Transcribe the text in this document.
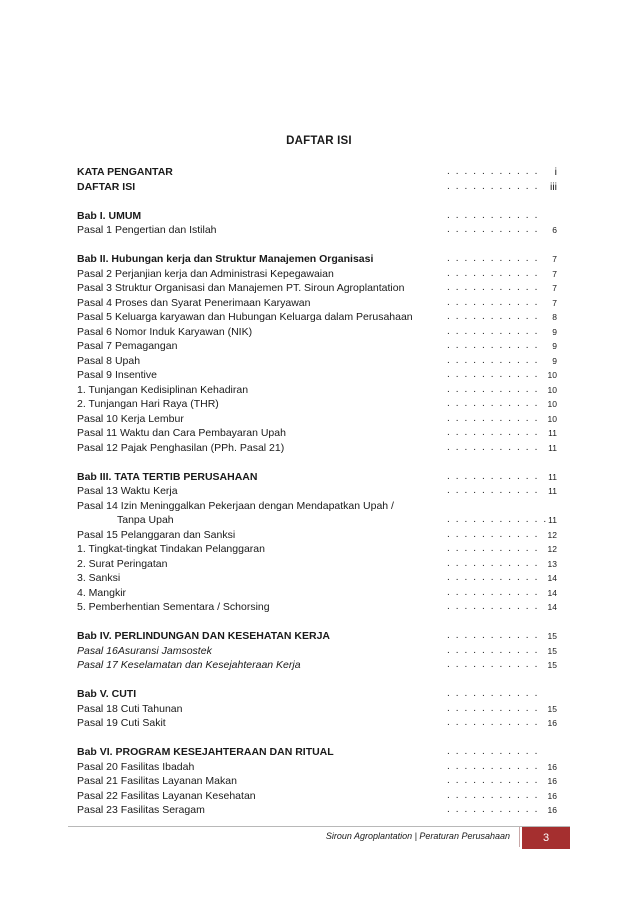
DAFTAR ISI
KATA PENGANTAR	. . . . . . . . . . .	i
DAFTAR ISI	. . . . . . . . . . .	iii
Bab I. UMUM	. . . . . . . . . . .
Pasal 1 Pengertian dan Istilah	. . . . . . . . . . .	6
Bab II. Hubungan kerja dan Struktur Manajemen Organisasi	. . . . . . . . . . .	7
Pasal 2 Perjanjian kerja dan Administrasi Kepegawaian	. . . . . . . . . . .	7
Pasal 3 Struktur Organisasi dan Manajemen PT. Siroun Agroplantation	. . . . . . . . . . .	7
Pasal 4 Proses dan Syarat Penerimaan Karyawan	. . . . . . . . . . .	7
Pasal 5 Keluarga karyawan dan Hubungan Keluarga dalam Perusahaan	. . . . . . . . . . .	8
Pasal 6 Nomor Induk Karyawan (NIK)	. . . . . . . . . . .	9
Pasal 7 Pemagangan	. . . . . . . . . . .	9
Pasal 8 Upah	. . . . . . . . . . .	9
Pasal 9 Insentive	. . . . . . . . . . .	10
1. Tunjangan Kedisiplinan Kehadiran	. . . . . . . . . . .	10
2. Tunjangan Hari Raya (THR)	. . . . . . . . . . .	10
Pasal 10 Kerja Lembur	. . . . . . . . . . .	10
Pasal 11 Waktu dan Cara Pembayaran Upah	. . . . . . . . . . .	11
Pasal 12 Pajak Penghasilan (PPh. Pasal 21)	. . . . . . . . . . .	11
Bab III. TATA TERTIB PERUSAHAAN	. . . . . . . . . . .	11
Pasal 13 Waktu Kerja	. . . . . . . . . . .	11
Pasal 14 Izin Meninggalkan Pekerjaan dengan Mendapatkan Upah /
Tanpa Upah	. . . . . . . . . . . . 11
Pasal 15 Pelanggaran dan Sanksi	. . . . . . . . . . .	12
1. Tingkat-tingkat Tindakan Pelanggaran	. . . . . . . . . . .	12
2. Surat Peringatan	. . . . . . . . . . .	13
3. Sanksi	. . . . . . . . . . .	14
4. Mangkir	. . . . . . . . . . .	14
5. Pemberhentian Sementara / Schorsing	. . . . . . . . . . .	14
Bab IV. PERLINDUNGAN DAN KESEHATAN KERJA	. . . . . . . . . . .	15
Pasal 16Asuransi Jamsostek	. . . . . . . . . . .	15
Pasal 17 Keselamatan dan Kesejahteraan Kerja	. . . . . . . . . . .	15
Bab V. CUTI	. . . . . . . . . . .
Pasal 18 Cuti Tahunan	. . . . . . . . . . .	15
Pasal 19 Cuti Sakit	. . . . . . . . . . .	16
Bab VI. PROGRAM KESEJAHTERAAN DAN RITUAL	. . . . . . . . . . .
Pasal 20 Fasilitas Ibadah	. . . . . . . . . . .	16
Pasal 21 Fasilitas Layanan Makan	. . . . . . . . . . .	16
Pasal 22 Fasilitas Layanan Kesehatan	. . . . . . . . . . .	16
Pasal 23 Fasilitas Seragam	. . . . . . . . . . .	16
Siroun Agroplantation | Peraturan Perusahaan	3
